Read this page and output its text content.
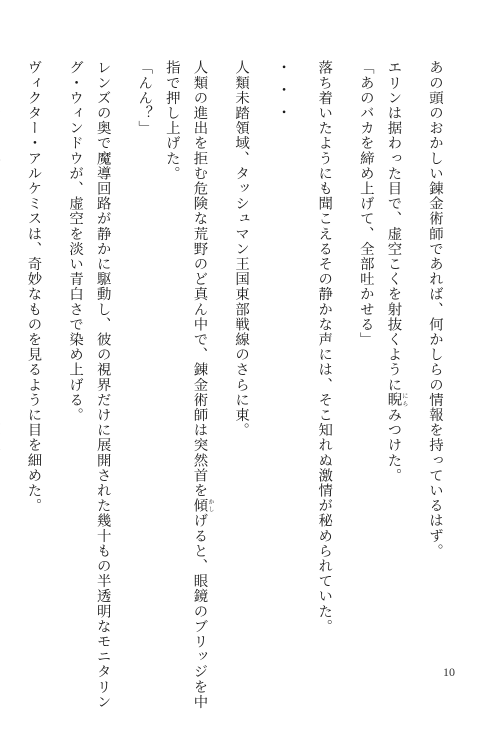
あの頭のおかしい錬金術師であれば、何かしらの情報を持っているはず。
エリンは据わった目で、虚空こくを射抜くように睨 にらみつけた。
「あのバカを締め上げて、全部吐かせる」
落ち着いたようにも聞こえるその静かな声には、そこ知れぬ激情が秘められていた。
・・・
人類未踏領域、タッシュマン王国東部戦線のさらに東。
人類の進出を拒む危険な荒野のど真ん中で、錬金術師は突然首を傾 かしげると、眼鏡のブリッジを中
指で押し上げた。
「んん？」
レンズの奥で魔導回路が静かに駆動し、彼の視界だけに展開された幾十もの半透明なモニタリン
グ・ウィンドウが、虚空を淡い青白さで染め上げる。
ヴィクター・アルケミスは、奇妙なものを見るように目を細めた。
10
